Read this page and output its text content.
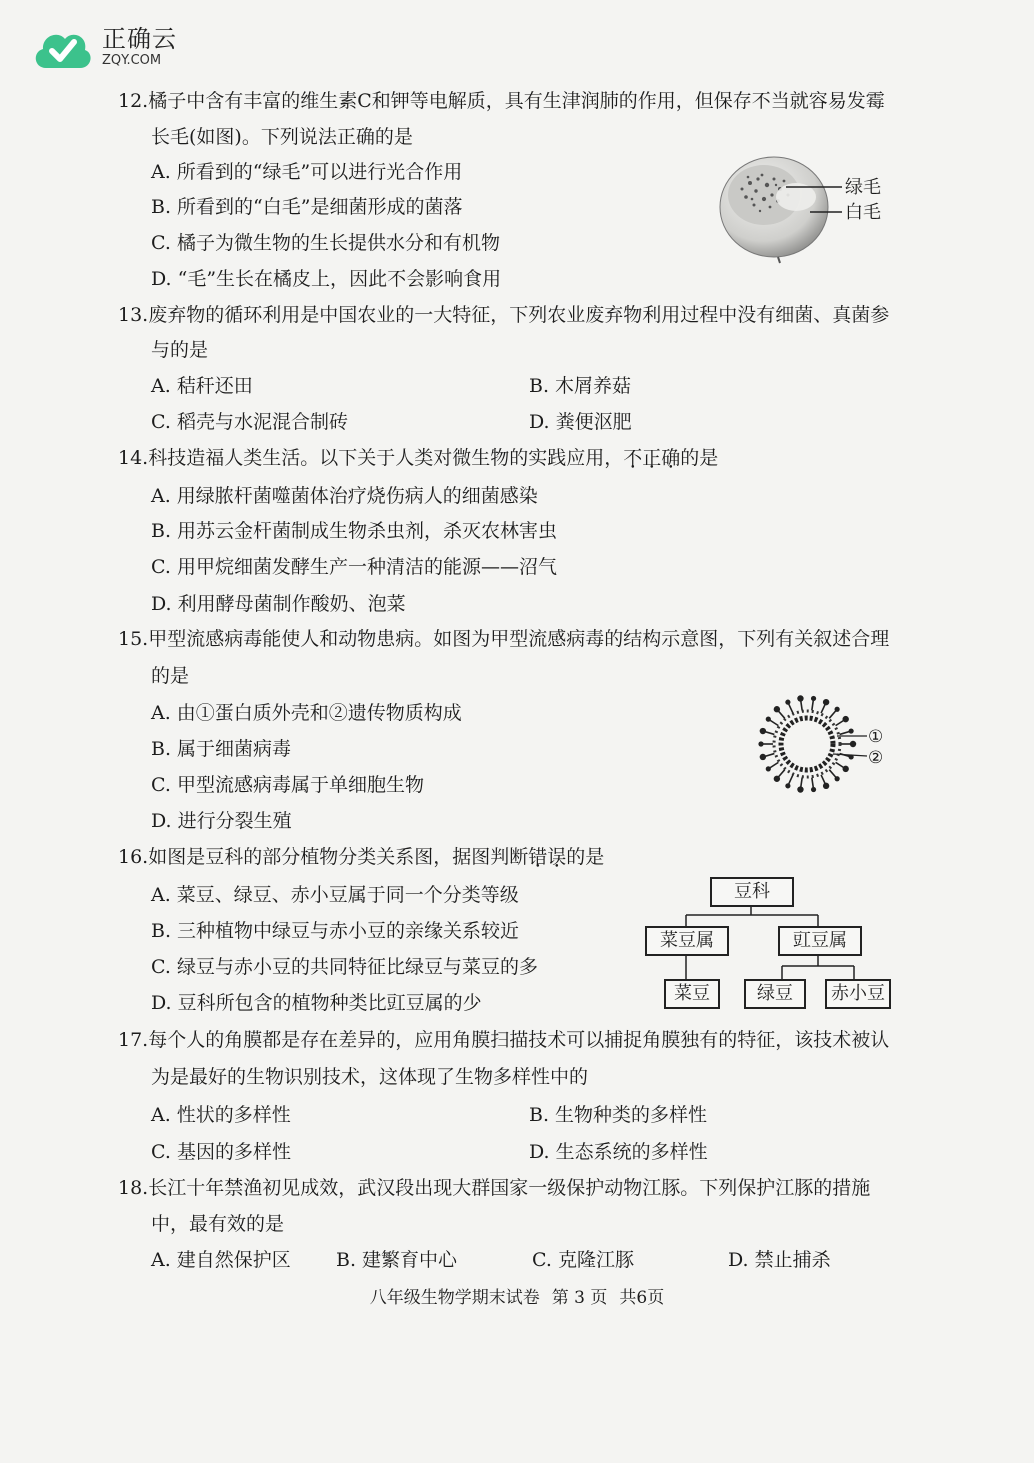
正确云
ZQY.COM
12.橘子中含有丰富的维生素C和钾等电解质，具有生津润肺的作用，但保存不当就容易发霉
长毛(如图)。下列说法正确的是
A. 所看到的“绿毛”可以进行光合作用
B. 所看到的“白毛”是细菌形成的菌落
C. 橘子为微生物的生长提供水分和有机物
D. “毛”生长在橘皮上，因此不会影响食用
绿毛
白毛
13.废弃物的循环利用是中国农业的一大特征，下列农业废弃物利用过程中没有细菌、真菌参
与的是
A. 秸秆还田	B. 木屑养菇
C. 稻壳与水泥混合制砖	D. 粪便沤肥
14.科技造福人类生活。以下关于人类对微生物的实践应用，不正确的是
A. 用绿脓杆菌噬菌体治疗烧伤病人的细菌感染
B. 用苏云金杆菌制成生物杀虫剂，杀灭农林害虫
C. 用甲烷细菌发酵生产一种清洁的能源——沼气
D. 利用酵母菌制作酸奶、泡菜
15.甲型流感病毒能使人和动物患病。如图为甲型流感病毒的结构示意图，下列有关叙述合理
的是
A. 由①蛋白质外壳和②遗传物质构成
B. 属于细菌病毒
C. 甲型流感病毒属于单细胞生物
D. 进行分裂生殖
①
②
16.如图是豆科的部分植物分类关系图，据图判断错误的是
A. 菜豆、绿豆、赤小豆属于同一个分类等级
B. 三种植物中绿豆与赤小豆的亲缘关系较近
C. 绿豆与赤小豆的共同特征比绿豆与菜豆的多
D. 豆科所包含的植物种类比豇豆属的少
豆科
菜豆属	豇豆属
菜豆	绿豆	赤小豆
17.每个人的角膜都是存在差异的，应用角膜扫描技术可以捕捉角膜独有的特征，该技术被认
为是最好的生物识别技术，这体现了生物多样性中的
A. 性状的多样性	B. 生物种类的多样性
C. 基因的多样性	D. 生态系统的多样性
18.长江十年禁渔初见成效，武汉段出现大群国家一级保护动物江豚。下列保护江豚的措施
中，最有效的是
A. 建自然保护区 B. 建繁育中心	C. 克隆江豚	D. 禁止捕杀
八年级生物学期末试卷 第 3 页 共6页
